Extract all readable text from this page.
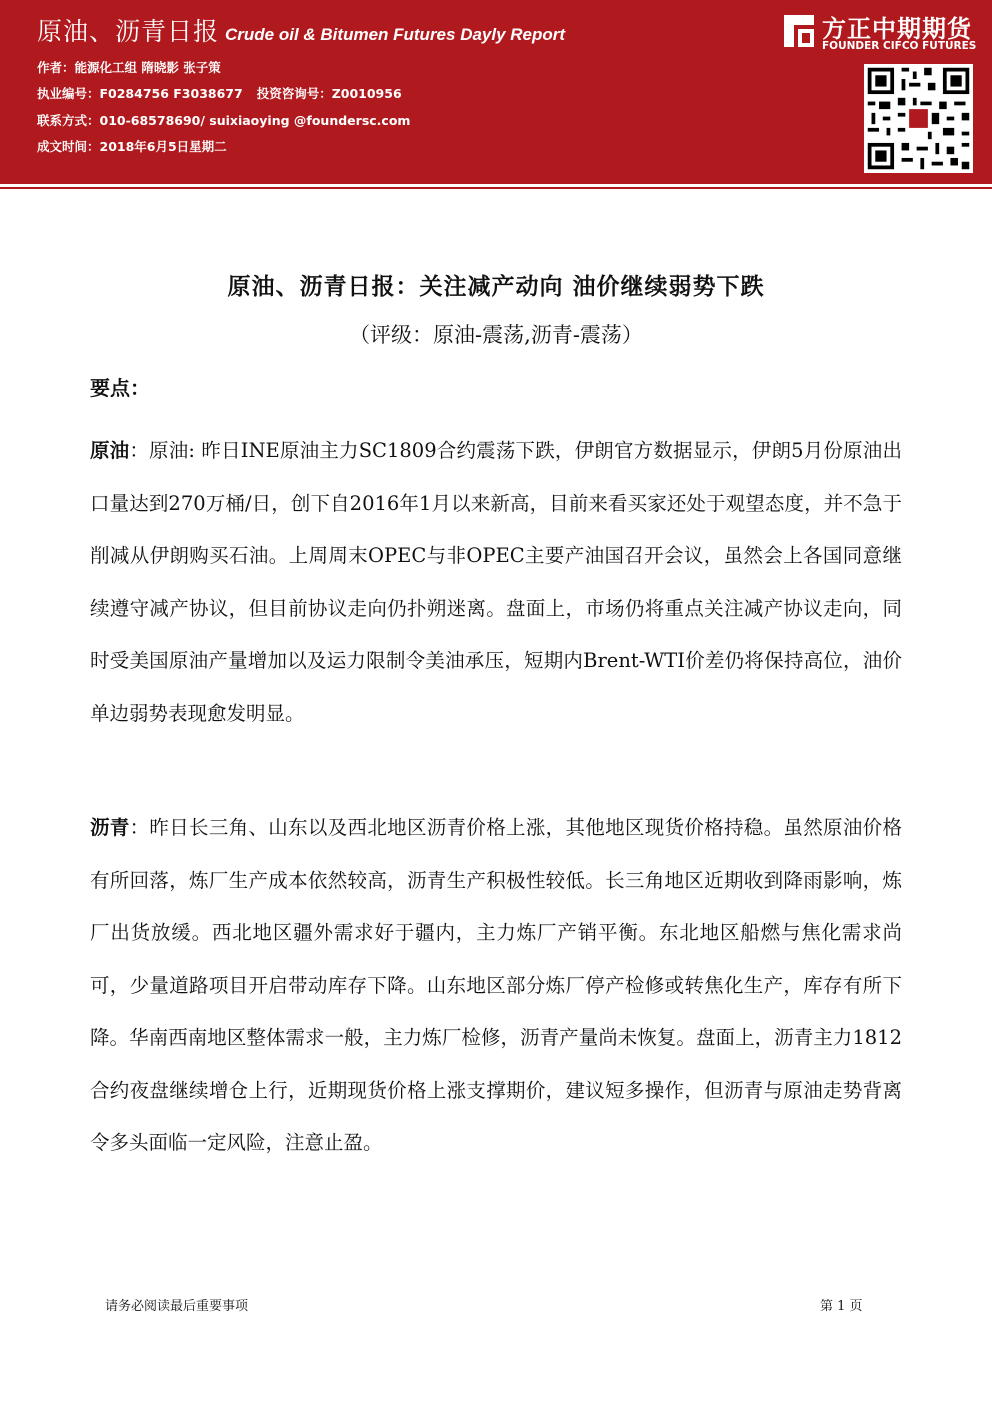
原油、沥青日报 Crude oil & Bitumen Futures Dayly Report
作者：能源化工组 隋晓影 张子策
执业编号：F0284756 F3038677 投资咨询号：Z0010956
联系方式：010-68578690/ suixiaoying @foundersc.com
成文时间：2018年6月5日星期二
方正中期期货
FOUNDER CIFCO FUTURES
原油、沥青日报：关注减产动向 油价继续弱势下跌
（评级：原油-震荡,沥青-震荡）
要点：
原油：原油: 昨日INE原油主力SC1809合约震荡下跌，伊朗官方数据显示，伊朗5月份原油出口量达到270万桶/日，创下自2016年1月以来新高，目前来看买家还处于观望态度，并不急于削减从伊朗购买石油。上周周末OPEC与非OPEC主要产油国召开会议，虽然会上各国同意继续遵守减产协议，但目前协议走向仍扑朔迷离。盘面上，市场仍将重点关注减产协议走向，同时受美国原油产量增加以及运力限制令美油承压，短期内Brent-WTI价差仍将保持高位，油价单边弱势表现愈发明显。
沥青：昨日长三角、山东以及西北地区沥青价格上涨，其他地区现货价格持稳。虽然原油价格有所回落，炼厂生产成本依然较高，沥青生产积极性较低。长三角地区近期收到降雨影响，炼厂出货放缓。西北地区疆外需求好于疆内，主力炼厂产销平衡。东北地区船燃与焦化需求尚可，少量道路项目开启带动库存下降。山东地区部分炼厂停产检修或转焦化生产，库存有所下降。华南西南地区整体需求一般，主力炼厂检修，沥青产量尚未恢复。盘面上，沥青主力1812合约夜盘继续增仓上行，近期现货价格上涨支撑期价，建议短多操作，但沥青与原油走势背离令多头面临一定风险，注意止盈。
请务必阅读最后重要事项	第 1 页
